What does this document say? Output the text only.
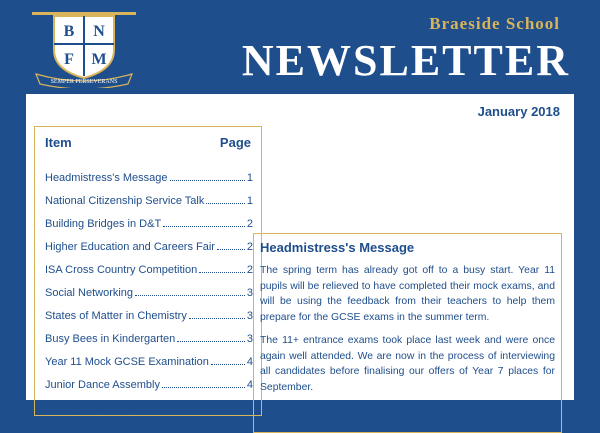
B N
F M
SEMPER PERSEVERANS
Braeside School
NEWSLETTER
January 2018
Item	Page
Headmistress's Message	1
National Citizenship Service Talk	1
Building Bridges in D&T	2
Higher Education and Careers Fair	2
ISA Cross Country Competition	2
Social Networking	3
States of Matter in Chemistry	3
Busy Bees in Kindergarten	3
Year 11 Mock GCSE Examination	4
Junior Dance Assembly	4
A Very Special Assembly	5
Headmistress's Message

The spring term has already got off to a busy start. Year 11 pupils will be relieved to have completed their mock exams, and will be using the feedback from their teachers to help them prepare for the GCSE exams in the summer term.

The 11+ entrance exams took place last week and were once again well attended. We are now in the process of interviewing all candidates before finalising our offers of Year 7 places for September.
